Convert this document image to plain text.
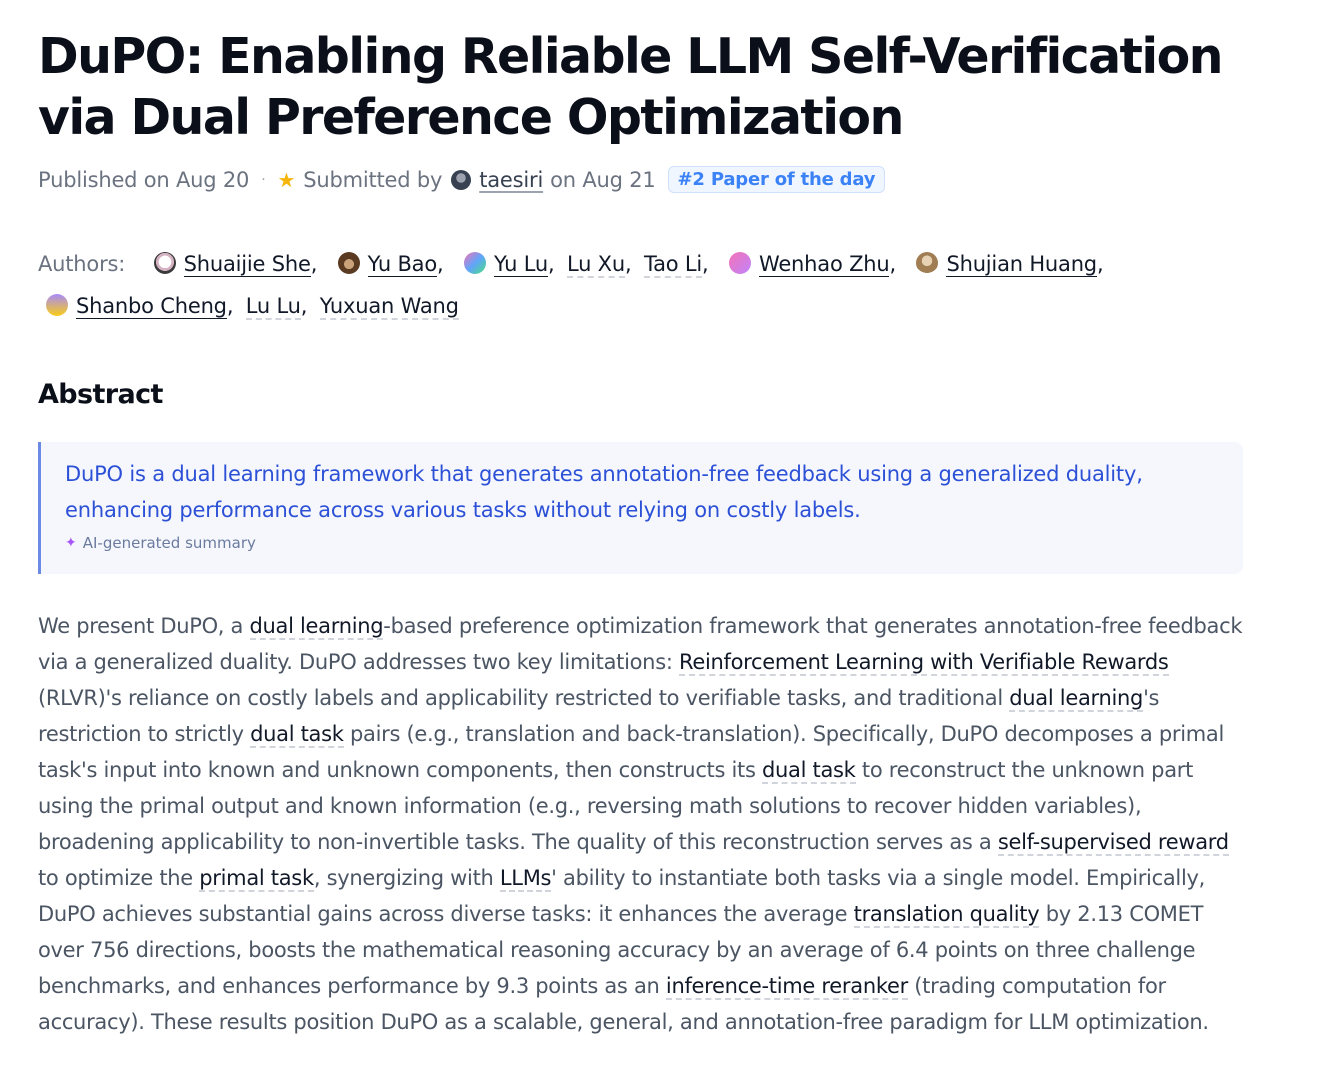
DuPO: Enabling Reliable LLM Self-Verification via Dual Preference Optimization
Published on Aug 20 · ★ Submitted by taesiri on Aug 21	#2 Paper of the day
Authors:	Shuaijie She, Yu Bao, Yu Lu, Lu Xu, Tao Li, Wenhao Zhu, Shujian Huang, Shanbo Cheng, Lu Lu, Yuxuan Wang
Abstract
DuPO is a dual learning framework that generates annotation-free feedback using a generalized duality, enhancing performance across various tasks without relying on costly labels.
✦ AI-generated summary

We present DuPO, a dual learning-based preference optimization framework that generates annotation-free feedback via a generalized duality. DuPO addresses two key limitations: Reinforcement Learning with Verifiable Rewards (RLVR)'s reliance on costly labels and applicability restricted to verifiable tasks, and traditional dual learning's restriction to strictly dual task pairs (e.g., translation and back-translation). Specifically, DuPO decomposes a primal task's input into known and unknown components, then constructs its dual task to reconstruct the unknown part using the primal output and known information (e.g., reversing math solutions to recover hidden variables), broadening applicability to non-invertible tasks. The quality of this reconstruction serves as a self-supervised reward to optimize the primal task, synergizing with LLMs' ability to instantiate both tasks via a single model. Empirically, DuPO achieves substantial gains across diverse tasks: it enhances the average translation quality by 2.13 COMET over 756 directions, boosts the mathematical reasoning accuracy by an average of 6.4 points on three challenge benchmarks, and enhances performance by 9.3 points as an inference-time reranker (trading computation for accuracy). These results position DuPO as a scalable, general, and annotation-free paradigm for LLM optimization.
